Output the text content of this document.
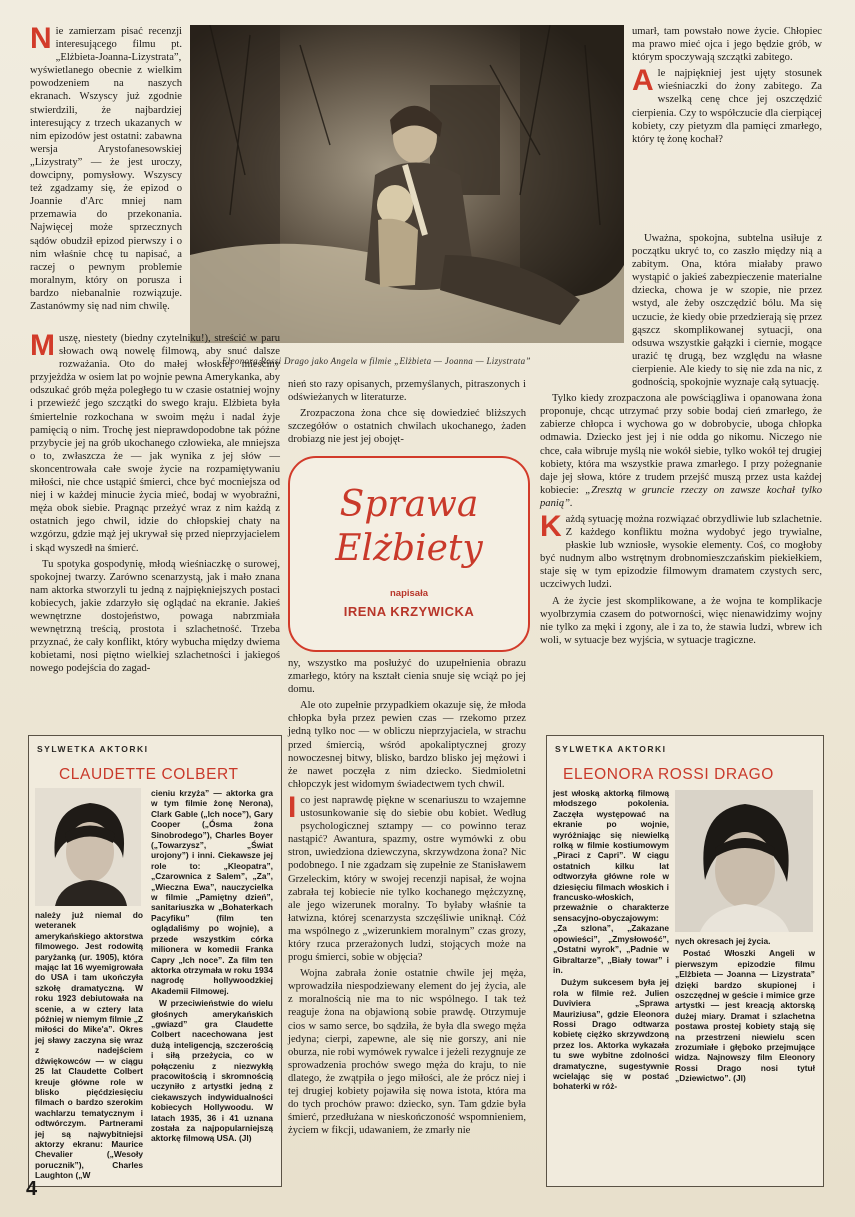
Eleonora Rossi Drago jako Angela w filmie „Elżbieta — Joanna — Lizystrata”

Nie zamierzam pisać recenzji interesującego filmu pt. „Elżbieta-Joanna-Lizystrata”, wyświetlanego obecnie z wielkim powodzeniem na naszych ekranach. Wszyscy już zgodnie stwierdzili, że najbardziej interesujący z trzech ukazanych w nim epizodów jest ostatni: zabawna wersja Arystofanesowskiej „Lizystraty” — że jest uroczy, dowcipny, pomysłowy. Wszyscy też zgadzamy się, że epizod o Joannie d'Arc mniej nam przemawia do przekonania. Najwięcej może sprzecznych sądów obudził epizod pierwszy i o nim właśnie chcę tu napisać, a raczej o pewnym problemie moralnym, który on porusza i bardzo niebanalnie rozwiązuje. Zastanówmy się nad nim chwilę.

Muszę, niestety (biedny czytelniku!), streścić w paru słowach ową nowelę filmową, aby snuć dalsze rozważania. Oto do małej włoskiej mieściny przyjeżdża w osiem lat po wojnie pewna Amerykanka, aby odszukać grób męża poległego tu w czasie ostatniej wojny i przewieźć jego szczątki do swego kraju. Elżbieta była śmiertelnie rozkochana w swoim mężu i nadal żyje pamięcią o nim. Trochę jest nieprawdopodobne tak późne przybycie jej na grób ukochanego człowieka, ale mniejsza o to, zwłaszcza że — jak wynika z jej słów — skoncentrowała całe swoje życie na rozpamiętywaniu miłości, nie chce ustąpić śmierci, chce być mocniejsza od niej i w każdej minucie życia mieć, bodaj w wyobraźni, męża obok siebie. Pragnąc przeżyć wraz z nim każdą z ostatnich jego chwil, idzie do chłopskiej chaty na wzgórzu, gdzie mąż jej ukrywał się przed nieprzyjacielem i skąd wyszedł na śmierć.

Tu spotyka gospodynię, młodą wieśniaczkę o surowej, spokojnej twarzy. Zarówno scenarzystą, jak i mało znana nam aktorka stworzyli tu jedną z najpiękniejszych postaci kobiecych, jakie zdarzyło się oglądać na ekranie. Jakieś wewnętrzne dostojeństwo, powaga nabrzmiała wewnętrzną treścią, prostota i szlachetność. Trzeba przyznać, że cały konflikt, który wybucha między dwiema kobietami, nosi piętno wielkiej szlachetności i jakiegoś nowego podejścia do zagad-

nień sto razy opisanych, przemyślanych, pitraszonych i odświeżanych w literaturze.

Zrozpaczona żona chce się dowiedzieć bliższych szczegółów o ostatnich chwilach ukochanego, żaden drobiazg nie jest jej obojęt-

Sprawa
Elżbiety
napisała
IRENA KRZYWICKA

ny, wszystko ma posłużyć do uzupełnienia obrazu zmarłego, który na kształt cienia snuje się wciąż po jej domu.

Ale oto zupełnie przypadkiem okazuje się, że młoda chłopka była przez pewien czas — rzekomo przez jedną tylko noc — w obliczu nieprzyjaciela, w strachu przed śmiercią, wśród apokaliptycznej grozy nowoczesnej bitwy, blisko, bardzo blisko jej mężowi i że nawet poczęła z nim dziecko. Siedmioletni chłopczyk jest widomym świadectwem tych chwil.

Ico jest naprawdę piękne w scenariuszu to wzajemne ustosunkowanie się do siebie obu kobiet. Według psychologicznej sztampy — co powinno teraz nastąpić? Awantura, spazmy, ostre wymówki z obu stron, uwiedziona dziewczyna, skrzywdzona żona? Nic podobnego. I nie zgadzam się zupełnie ze Stanisławem Grzeleckim, który w swojej recenzji napisał, że wojna zabrała tej kobiecie nie tylko kochanego mężczyznę, ale jego wizerunek moralny. To byłaby właśnie ta łatwizna, której scenarzysta szczęśliwie uniknął. Cóż ma wspólnego z „wizerunkiem moralnym” czas grozy, który rzuca przerażonych ludzi, stojących może na progu śmierci, sobie w objęcia?

Wojna zabrała żonie ostatnie chwile jej męża, wprowadziła niespodziewany element do jej życia, ale z moralnością nie ma to nic wspólnego. I tak też reaguje żona na objawioną sobie prawdę. Otrzymuje cios w samo serce, bo sądziła, że była dla swego męża jedyna; cierpi, zapewne, ale się nie gorszy, ani nie oburza, nie robi wymówek rywalce i jeżeli rezygnuje ze sprowadzenia prochów swego męża do kraju, to nie dlatego, że zwątpiła o jego miłości, ale że prócz niej i tej drugiej kobiety pojawiła się nowa istota, która ma do tych prochów prawo: dziecko, syn. Tam gdzie była śmierć, przedłużana w nieskończoność wspomnieniem, życiem w fikcji, udawaniem, że zmarły nie

umarł, tam powstało nowe życie. Chłopiec ma prawo mieć ojca i jego będzie grób, w którym spoczywają szczątki zabitego.

Ale najpiękniej jest ujęty stosunek wieśniaczki do żony zabitego. Za wszelką cenę chce jej oszczędzić cierpienia. Czy to współczucie dla cierpiącej kobiety, czy pietyzm dla pamięci zmarłego, który tę żonę kochał?

Uważna, spokojna, subtelna usiłuje z początku ukryć to, co zaszło między nią a zabitym. Ona, która miałaby prawo wystąpić o jakieś zabezpieczenie materialne dziecka, chowa je w szopie, nie przez wstyd, ale żeby oszczędzić bólu. Ma się uczucie, że kiedy obie przedzierają się przez gąszcz skomplikowanej sytuacji, ona odsuwa wszystkie gałązki i ciernie, mogące urazić tę drugą, bez względu na własne cierpienie. Ale kiedy to się nie zda na nic, z godnością, spokojnie wyznaje całą sytuację.

Tylko kiedy zrozpaczona ale powściągliwa i opanowana żona proponuje, chcąc utrzymać przy sobie bodaj cień zmarłego, że zabierze chłopca i wychowa go w dobrobycie, uboga chłopka odmawia. Dziecko jest jej i nie odda go nikomu. Niczego nie chce, cała wibruje myślą nie wokół siebie, tylko wokół tej drugiej kobiety, która ma wszystkie prawa zmarłego. I przy pożegnanie daje jej słowa, które z trudem przejść muszą przez usta każdej kobiecie: „Zresztą w gruncie rzeczy on zawsze kochał tylko panią”.

Każdą sytuację można rozwiązać obrzydliwie lub szlachetnie. Z każdego konfliktu można wydobyć jego trywialne, płaskie lub wzniosłe, wysokie elementy. Coś, co mogłoby być nudnym albo wstrętnym drobnomieszczańskim piekiełkiem, staje się w tym epizodzie filmowym dramatem czystych serc, uczciwych ludzi.

A że życie jest skomplikowane, a że wojna te komplikacje wyolbrzymia czasem do potworności, więc nienawidzimy wojny nie tylko za męki i zgony, ale i za to, że stawia ludzi, wbrew ich woli, w sytuacje bez wyjścia, w sytuacje tragiczne.

SYLWETKA AKTORKI
CLAUDETTE COLBERT

należy już niemal do weteranek amerykańskiego aktorstwa filmowego. Jest rodowitą paryżanką (ur. 1905), która mając lat 16 wyemigrowała do USA i tam ukończyła szkołę dramatyczną. W roku 1923 debiutowała na scenie, a w cztery lata później w niemym filmie „Z miłości do Mike'a”. Okres jej sławy zaczyna się wraz z nadejściem dźwiękowców — w ciągu 25 lat Claudette Colbert kreuje główne role w blisko pięćdziesięciu filmach o bardzo szerokim wachlarzu tematycznym i odtwórczym. Partnerami jej są najwybitniejsi aktorzy ekranu: Maurice Chevalier („Wesoły porucznik”), Charles Laughton („W

cieniu krzyża” — aktorka gra w tym filmie żonę Nerona), Clark Gable („Ich noce”), Gary Cooper („Ósma żona Sinobrodego”), Charles Boyer („Towarzysz”, „Świat urojony”) i inni. Ciekawsze jej role to: „Kleopatra”, „Czarownica z Salem”, „Za”, „Wieczna Ewa”, nauczycielka w filmie „Pamiętny dzień”, sanitariuszka w „Bohaterkach Pacyfiku” (film ten oglądaliśmy po wojnie), a przede wszystkim córka milionera w komedii Franka Capry „Ich noce”. Za film ten aktorka otrzymała w roku 1934 nagrodę hollywoodzkiej Akademii Filmowej.

W przeciwieństwie do wielu głośnych amerykańskich „gwiazd” gra Claudette Colbert nacechowana jest dużą inteligencją, szczerością i siłą przeżycia, co w połączeniu z niezwykłą pracowitością i skromnością uczyniło z artystki jedną z ciekawszych indywidualności kobiecych Hollywoodu. W latach 1935, 36 i 41 uznana została za najpopularniejszą aktorkę filmową USA. (Jl)

SYLWETKA AKTORKI
ELEONORA ROSSI DRAGO

jest włoską aktorką filmową młodszego pokolenia. Zaczęła występować na ekranie po wojnie, wyróżniając się niewielką rolką w filmie kostiumowym „Piraci z Capri”. W ciągu ostatnich kilku lat odtworzyła główne role w dziesięciu filmach włoskich i francusko-włoskich, przeważnie o charakterze sensacyjno-obyczajowym: „Za szlona”, „Zakazane opowieści”, „Zmysłowość”, „Ostatni wyrok”, „Padnie w Gibraltarze”, „Biały towar” i in.

Dużym sukcesem była jej rola w filmie reż. Julien Duviviera „Sprawa Mauriziusa”, gdzie Eleonora Rossi Drago odtwarza kobietę ciężko skrzywdzoną przez los. Aktorka wykazała tu swe wybitne zdolności dramatyczne, sugestywnie wcielając się w postać bohaterki w róż-

nych okresach jej życia.

Postać Włoszki Angeli w pierwszym epizodzie filmu „Elżbieta — Joanna — Lizystrata” dzięki bardzo skupionej i oszczędnej w geście i mimice grze artystki — jest kreacją aktorską dużej miary. Dramat i szlachetna postawa prostej kobiety stają się na przestrzeni niewielu scen zrozumiałe i głęboko przejmujące widza. Najnowszy film Eleonory Rossi Drago nosi tytuł „Dziewictwo”. (Jl)

4
